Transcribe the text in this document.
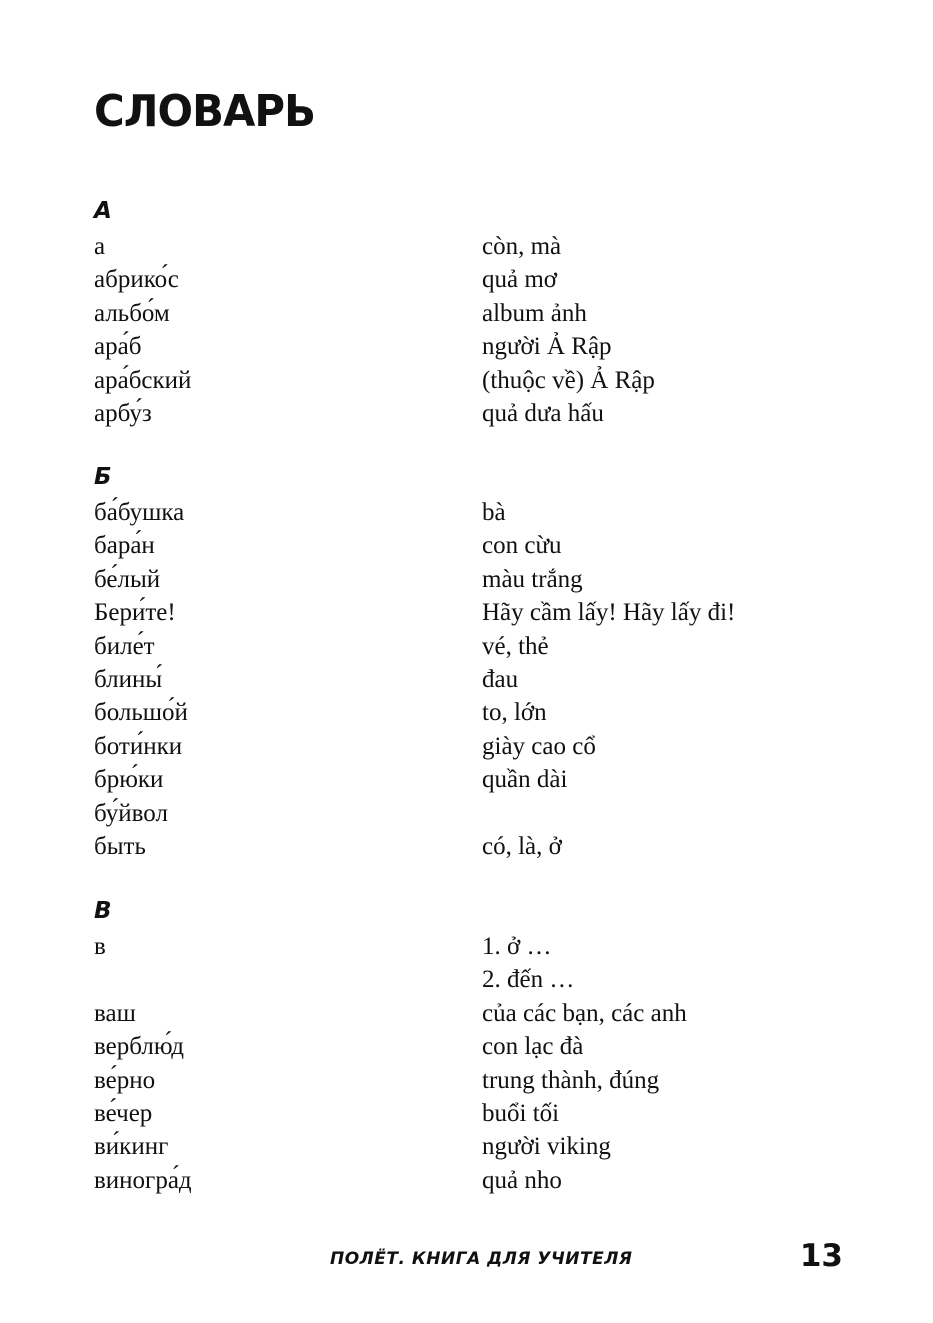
СЛОВАРЬ
А
а	còn, mà
абрико́с	quả mơ
альбо́м	album ảnh
ара́б	người Ả Rập
ара́бский	(thuộc về) Ả Rập
арбу́з	quả dưa hấu
Б
ба́бушка	bà
бара́н	con cừu
бе́лый	màu trắng
Бери́те!	Hãy cầm lấy! Hãy lấy đi!
биле́т	vé, thẻ
блины́	đau
большо́й	to, lớn
боти́нки	giày cao cổ
брю́ки	quần dài
бу́йвол
быть	có, là, ở
В
в	1. ở …
2. đến …
ваш	của các bạn, các anh
верблю́д	con lạc đà
ве́рно	trung thành, đúng
ве́чер	buổi tối
ви́кинг	người viking
виногра́д	quả nho
ПОЛЁТ. КНИГА ДЛЯ УЧИТЕЛЯ	13
